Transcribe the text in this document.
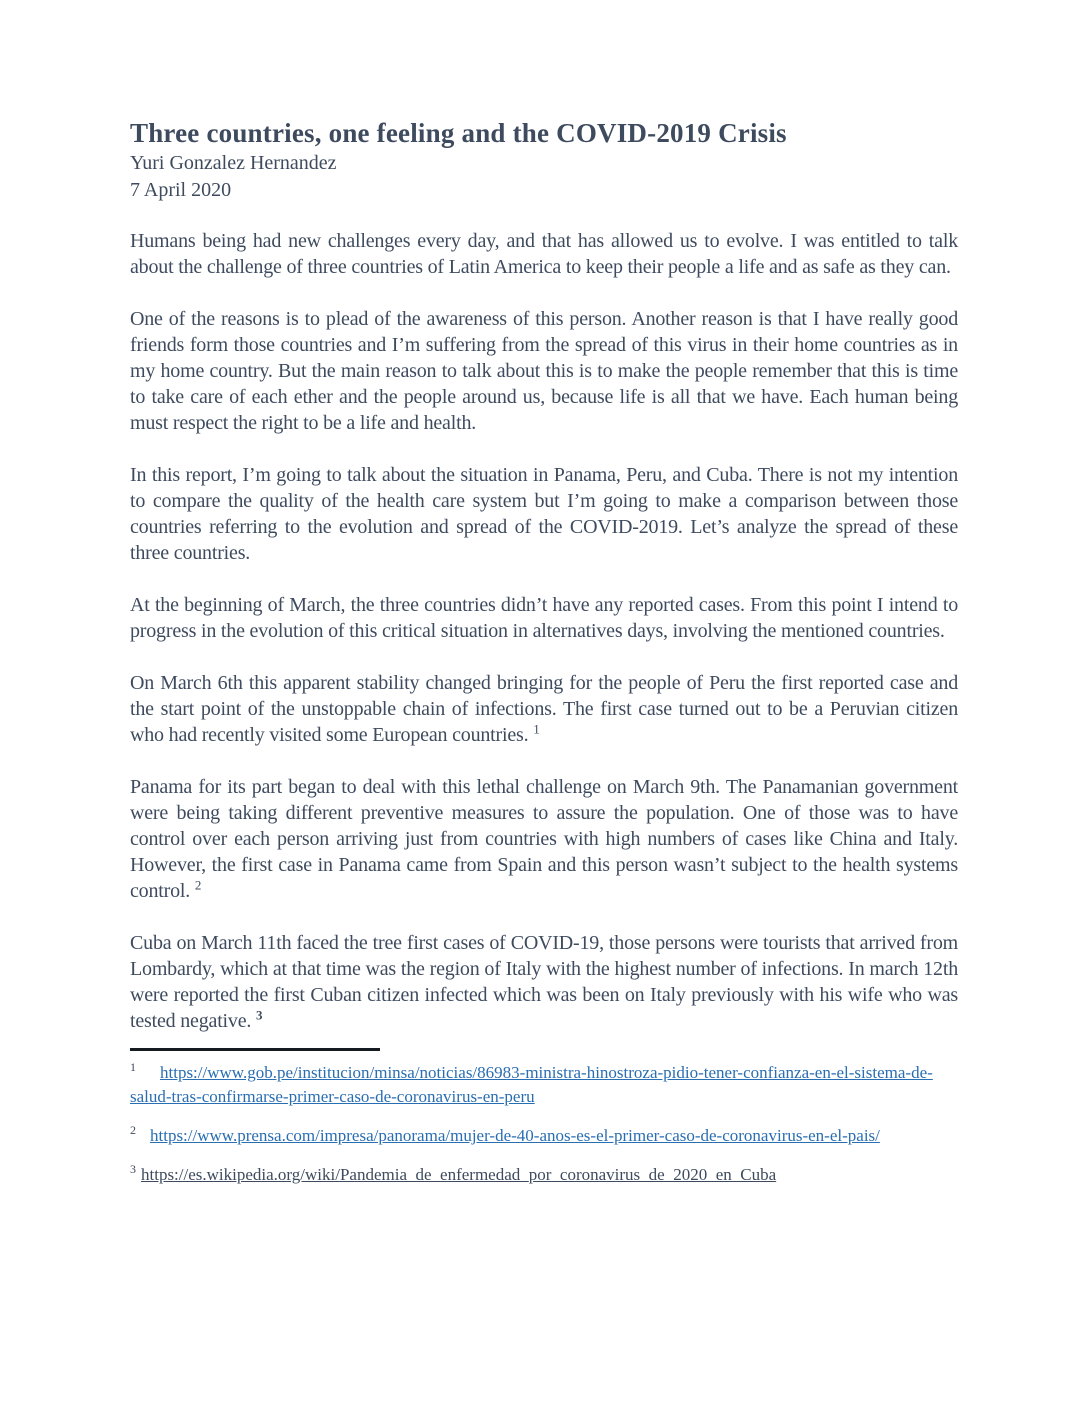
Three countries, one feeling and the COVID-2019 Crisis

Yuri Gonzalez Hernandez

7 April 2020

Humans being had new challenges every day, and that has allowed us to evolve. I was entitled to talk about the challenge of three countries of Latin America to keep their people a life and as safe as they can.

One of the reasons is to plead of the awareness of this person. Another reason is that I have really good friends form those countries and I’m suffering from the spread of this virus in their home countries as in my home country. But the main reason to talk about this is to make the people remember that this is time to take care of each ether and the people around us, because life is all that we have. Each human being must respect the right to be a life and health.

In this report, I’m going to talk about the situation in Panama, Peru, and Cuba. There is not my intention to compare the quality of the health care system but I’m going to make a comparison between those countries referring to the evolution and spread of the COVID-2019. Let’s analyze the spread of these three countries.

At the beginning of March, the three countries didn’t have any reported cases. From this point I intend to progress in the evolution of this critical situation in alternatives days, involving the mentioned countries.

On March 6th this apparent stability changed bringing for the people of Peru the first reported case and the start point of the unstoppable chain of infections. The first case turned out to be a Peruvian citizen who had recently visited some European countries. $^1$

Panama for its part began to deal with this lethal challenge on March 9th. The Panamanian government were being taking different preventive measures to assure the population. One of those was to have control over each person arriving just from countries with high numbers of cases like China and Italy. However, the first case in Panama came from Spain and this person wasn’t subject to the health systems control. $^2$

Cuba on March 11th faced the tree first cases of COVID-19, those persons were tourists that arrived from Lombardy, which at that time was the region of Italy with the highest number of infections. In march 12th were reported the first Cuban citizen infected which was been on Italy previously with his wife who was tested negative. $^3$

$^1$ https://www.gob.pe/institucion/minsa/noticias/86983-ministra-hinostroza-pidio-tener-confianza-en-el-sistema-de-salud-tras-confirmarse-primer-caso-de-coronavirus-en-peru

$^2$ https://www.prensa.com/impresa/panorama/mujer-de-40-anos-es-el-primer-caso-de-coronavirus-en-el-pais/

$^3$ https://es.wikipedia.org/wiki/Pandemia_de_enfermedad_por_coronavirus_de_2020_en_Cuba
